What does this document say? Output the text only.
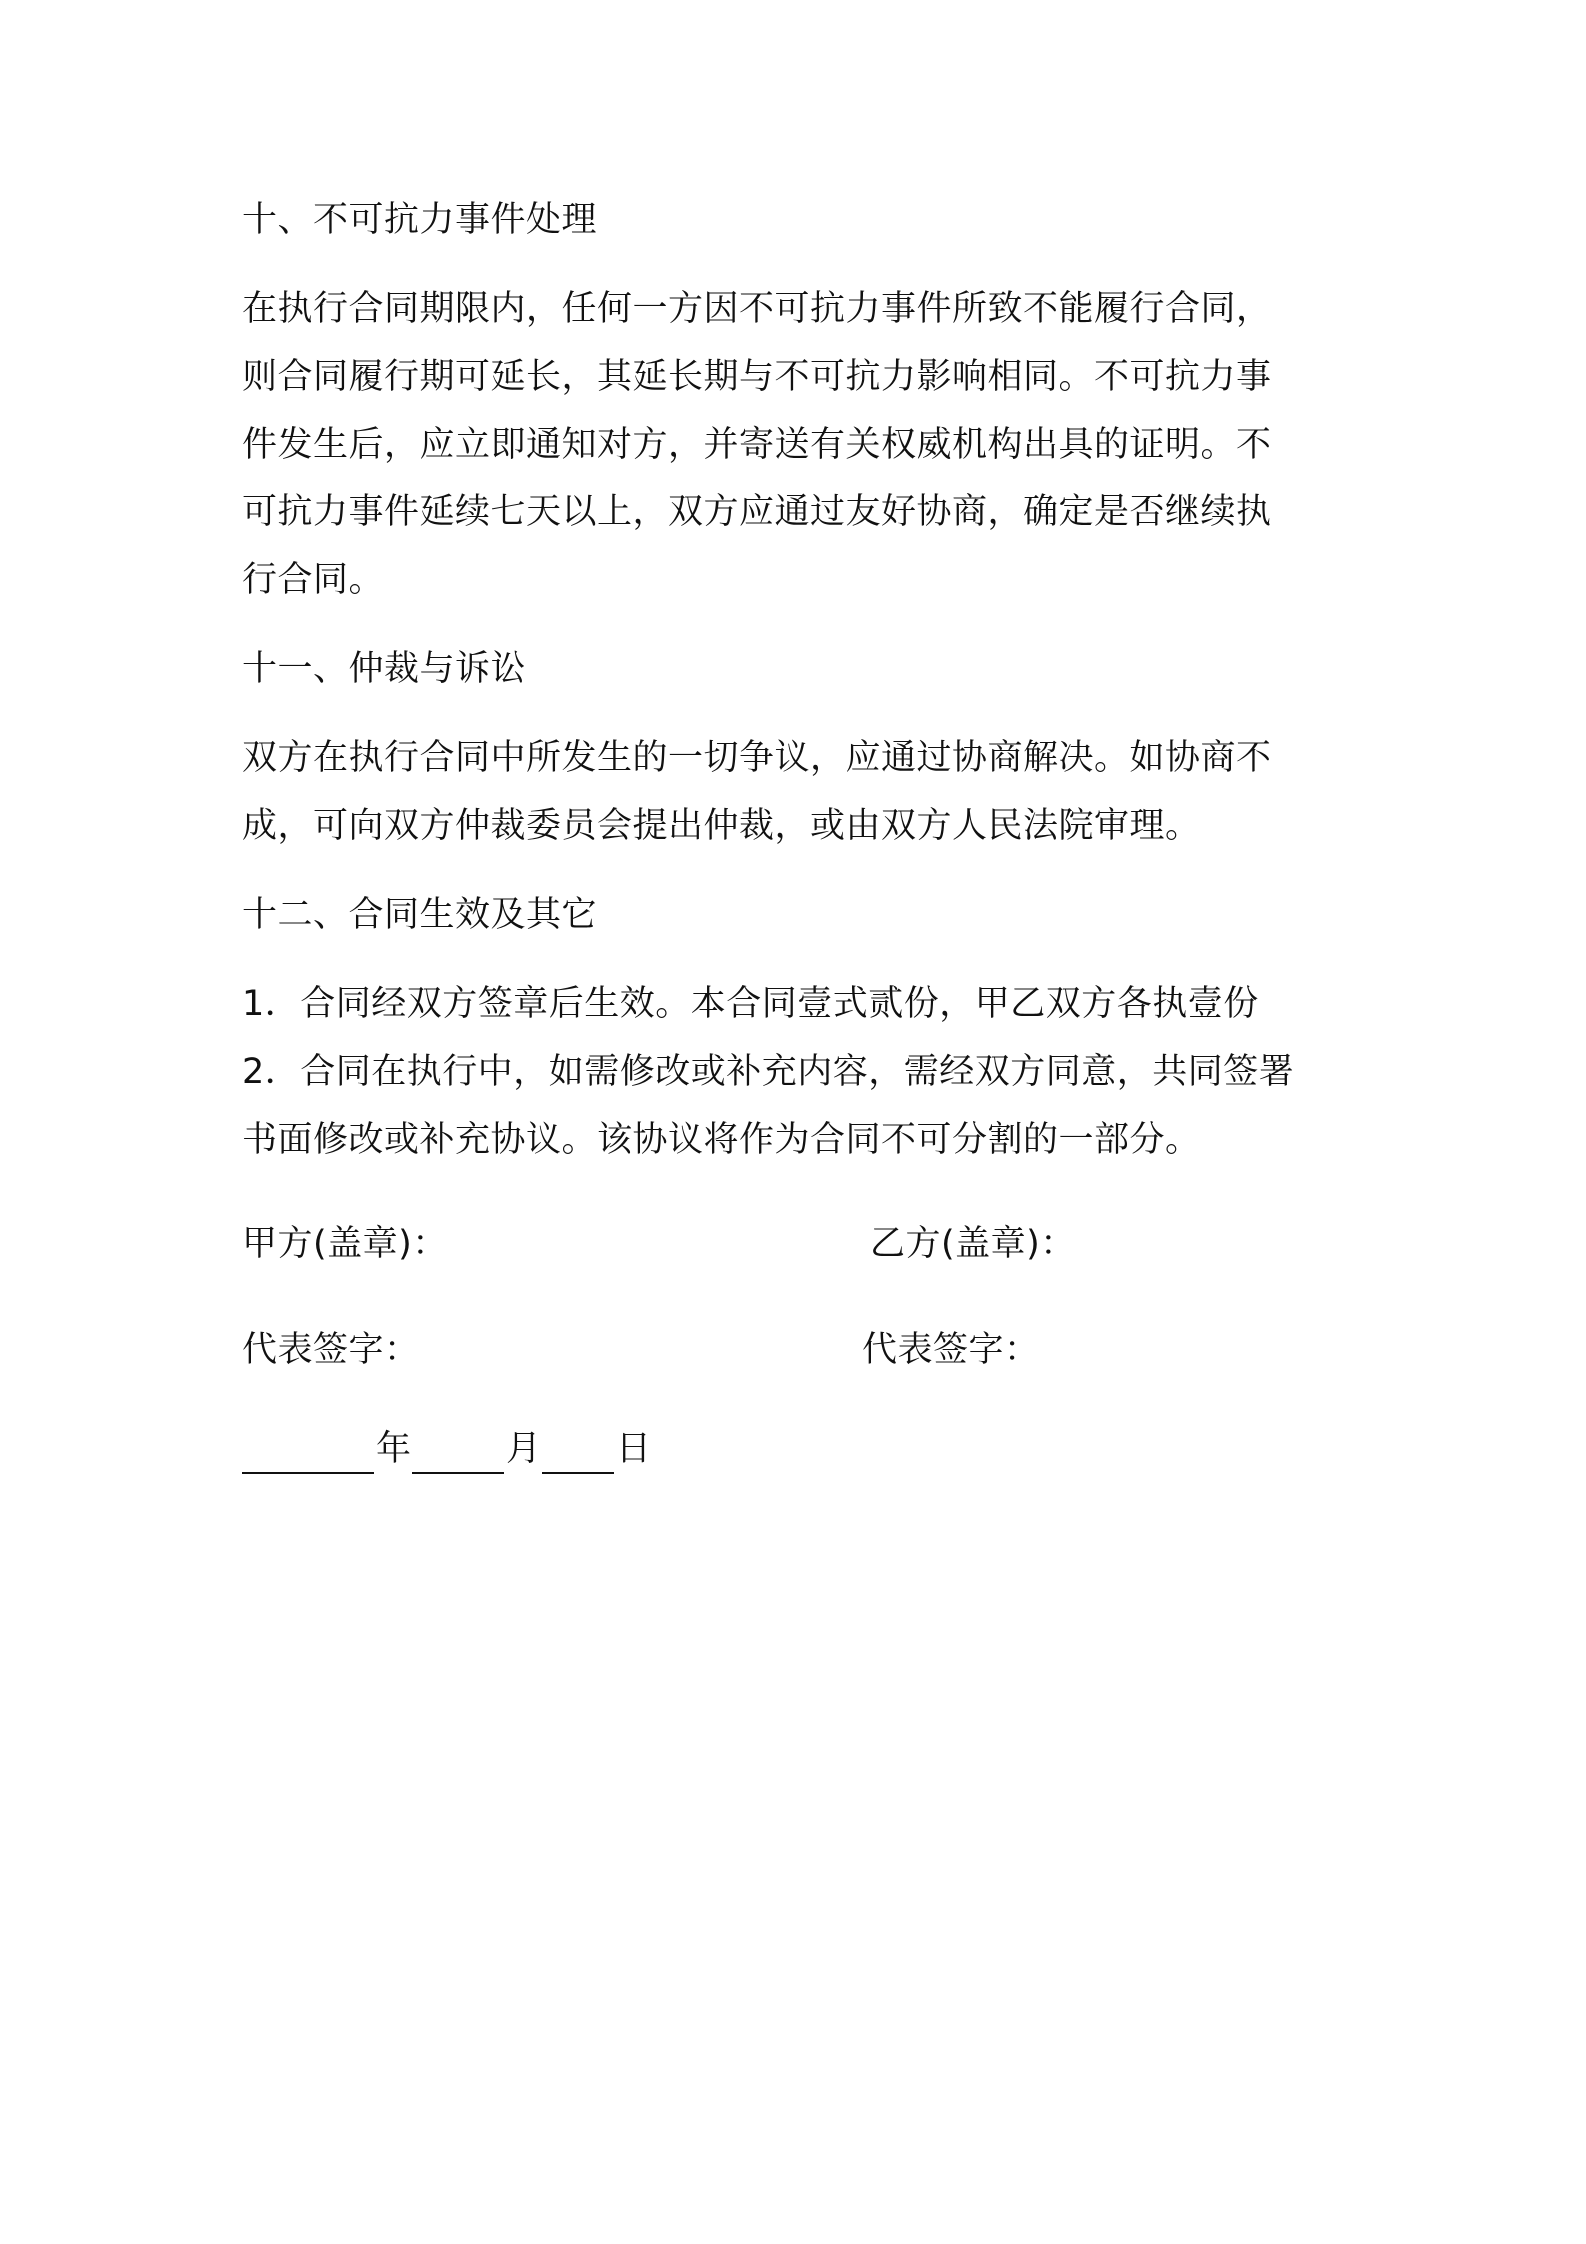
十、不可抗力事件处理
在执行合同期限内，任何一方因不可抗力事件所致不能履行合同，
则合同履行期可延长，其延长期与不可抗力影响相同。不可抗力事
件发生后，应立即通知对方，并寄送有关权威机构出具的证明。不
可抗力事件延续七天以上，双方应通过友好协商，确定是否继续执
行合同。
十一、仲裁与诉讼
双方在执行合同中所发生的一切争议，应通过协商解决。如协商不
成，可向双方仲裁委员会提出仲裁，或由双方人民法院审理。
十二、合同生效及其它
1．合同经双方签章后生效。本合同壹式贰份，甲乙双方各执壹份
2．合同在执行中，如需修改或补充内容，需经双方同意，共同签署
书面修改或补充协议。该协议将作为合同不可分割的一部分。
甲方(盖章)：	乙方(盖章)：
代表签字：	代表签字：
年	月 日
